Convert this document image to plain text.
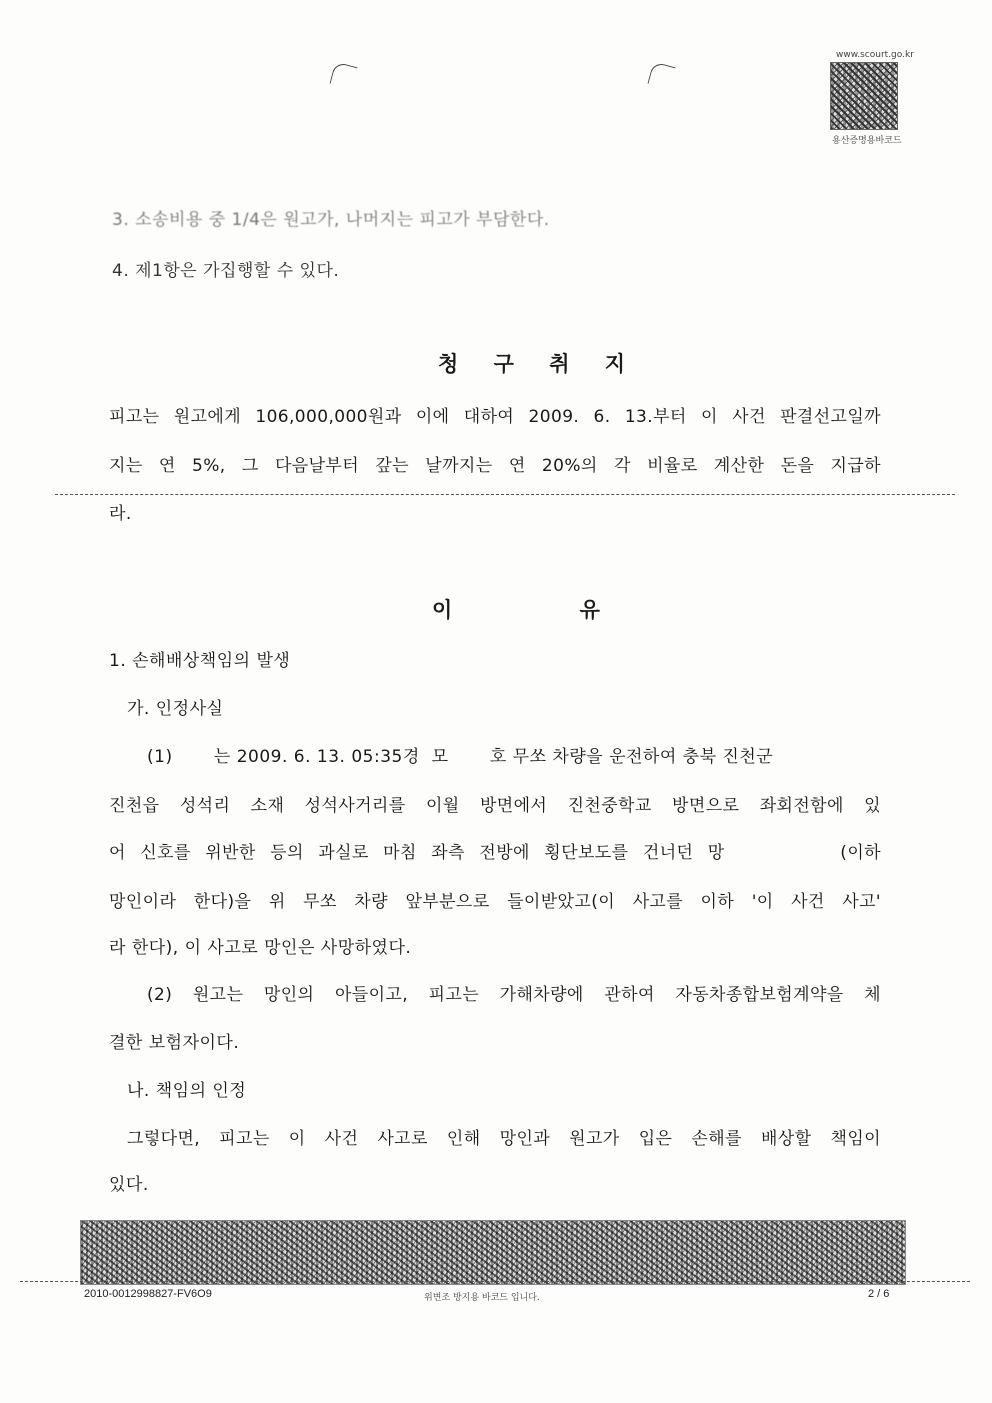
www.scourt.go.kr
용산증명용바코드
3. 소송비용 중 1/4은 원고가, 나머지는 피고가 부담한다.
4. 제1항은 가집행할 수 있다.
청 구 취 지
피고는 원고에게 106,000,000원과 이에 대하여 2009. 6. 13.부터 이 사건 판결선고일까
지는 연 5%, 그 다음날부터 갚는 날까지는 연 20%의 각 비율로 계산한 돈을 지급하
라.
이 유
1. 손해배상책임의 발생
가. 인정사실
(1)       는 2009. 6. 13. 05:35경  모       호 무쏘 차량을 운전하여 충북 진천군
진천읍 성석리 소재 성석사거리를 이월 방면에서 진천중학교 방면으로 좌회전함에 있
어 신호를 위반한 등의 과실로 마침 좌측 전방에 횡단보도를 건너던 망        (이하
망인이라 한다)을 위 무쏘 차량 앞부분으로 들이받았고(이 사고를 이하 '이 사건 사고'
라 한다), 이 사고로 망인은 사망하였다.
(2) 원고는 망인의 아들이고, 피고는 가해차량에 관하여 자동차종합보험계약을 체
결한 보험자이다.
나. 책임의 인정
그렇다면, 피고는 이 사건 사고로 인해 망인과 원고가 입은 손해를 배상할 책임이
있다.
2010-0012998827-FV6O9	위변조 방지용 바코드 입니다.	2 / 6
